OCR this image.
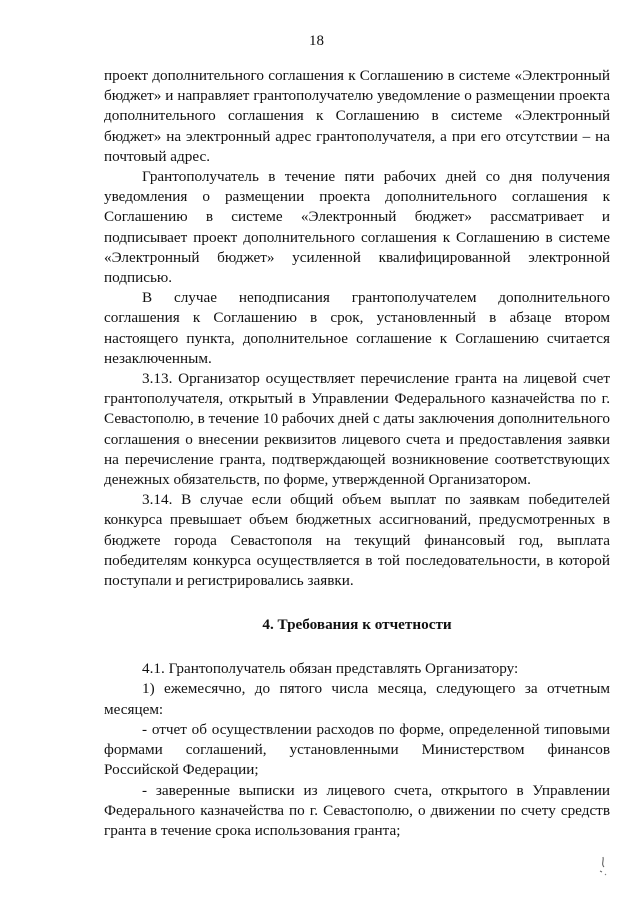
18

проект дополнительного соглашения к Соглашению в системе «Электронный бюджет» и направляет грантополучателю уведомление о размещении проекта дополнительного соглашения к Соглашению в системе «Электронный бюджет» на электронный адрес грантополучателя, а при его отсутствии – на почтовый адрес.

Грантополучатель в течение пяти рабочих дней со дня получения уведомления о размещении проекта дополнительного соглашения к Соглашению в системе «Электронный бюджет» рассматривает и подписывает проект дополнительного соглашения к Соглашению в системе «Электронный бюджет» усиленной квалифицированной электронной подписью.

В случае неподписания грантополучателем дополнительного соглашения к Соглашению в срок, установленный в абзаце втором настоящего пункта, дополнительное соглашение к Соглашению считается незаключенным.

3.13. Организатор осуществляет перечисление гранта на лицевой счет грантополучателя, открытый в Управлении Федерального казначейства по г. Севастополю, в течение 10 рабочих дней с даты заключения дополнительного соглашения о внесении реквизитов лицевого счета и предоставления заявки на перечисление гранта, подтверждающей возникновение соответствующих денежных обязательств, по форме, утвержденной Организатором.

3.14. В случае если общий объем выплат по заявкам победителей конкурса превышает объем бюджетных ассигнований, предусмотренных в бюджете города Севастополя на текущий финансовый год, выплата победителям конкурса осуществляется в той последовательности, в которой поступали и регистрировались заявки.

4. Требования к отчетности

4.1. Грантополучатель обязан представлять Организатору:

1) ежемесячно, до пятого числа месяца, следующего за отчетным месяцем:

- отчет об осуществлении расходов по форме, определенной типовыми формами соглашений, установленными Министерством финансов Российской Федерации;

- заверенные выписки из лицевого счета, открытого в Управлении Федерального казначейства по г. Севастополю, о движении по счету средств гранта в течение срока использования гранта;
